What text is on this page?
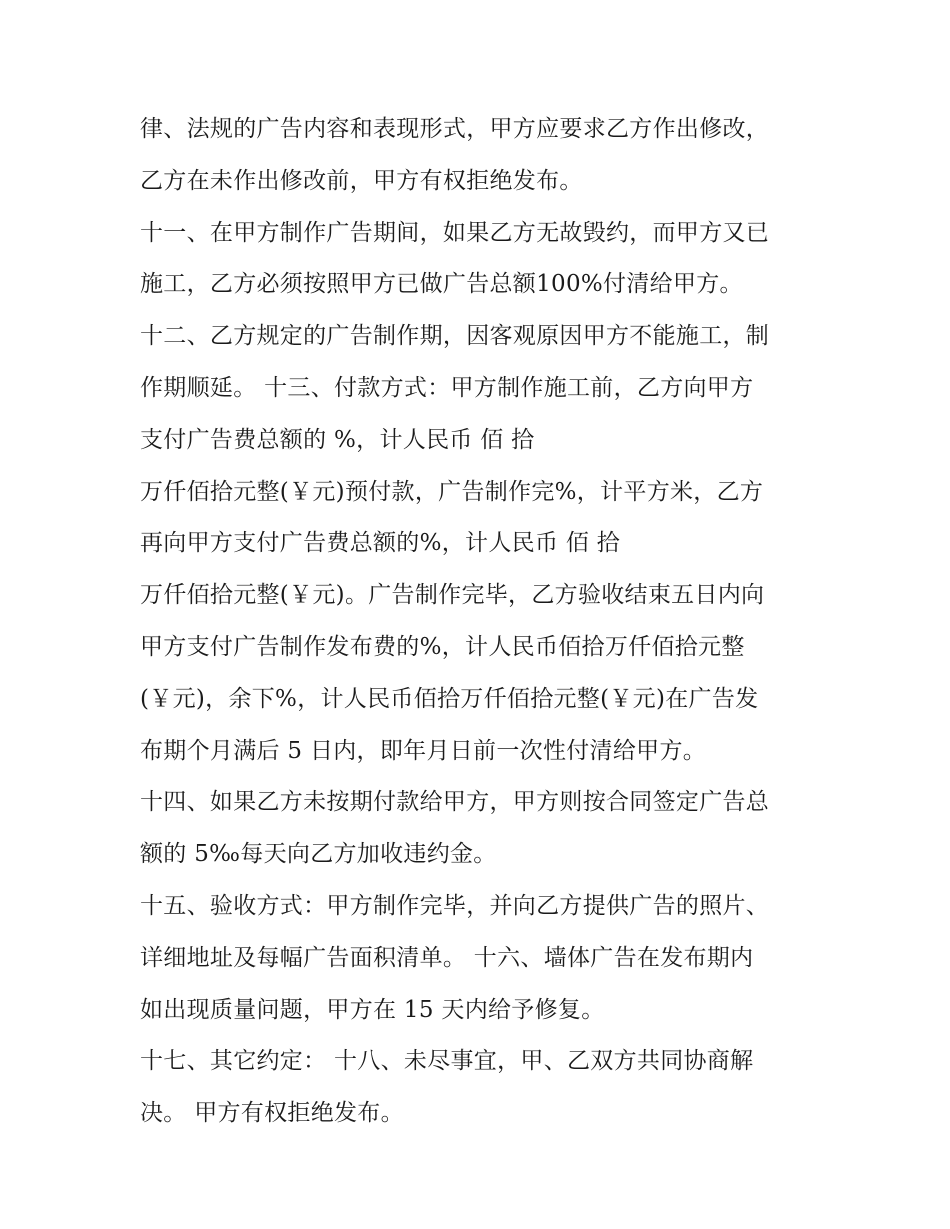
律、法规的广告内容和表现形式，甲方应要求乙方作出修改，
乙方在未作出修改前，甲方有权拒绝发布。
十一、在甲方制作广告期间，如果乙方无故毁约，而甲方又已
施工，乙方必须按照甲方已做广告总额100%付清给甲方。
十二、乙方规定的广告制作期，因客观原因甲方不能施工，制
作期顺延。 十三、付款方式：甲方制作施工前，乙方向甲方
支付广告费总额的 %，计人民币 佰 拾
万仟佰拾元整(￥元)预付款，广告制作完%，计平方米，乙方
再向甲方支付广告费总额的%，计人民币 佰 拾
万仟佰拾元整(￥元)。广告制作完毕，乙方验收结束五日内向
甲方支付广告制作发布费的%，计人民币佰拾万仟佰拾元整
(￥元)，余下%，计人民币佰拾万仟佰拾元整(￥元)在广告发
布期个月满后 5 日内，即年月日前一次性付清给甲方。
十四、如果乙方未按期付款给甲方，甲方则按合同签定广告总
额的 5‰每天向乙方加收违约金。
十五、验收方式：甲方制作完毕，并向乙方提供广告的照片、
详细地址及每幅广告面积清单。 十六、墙体广告在发布期内
如出现质量问题，甲方在 15 天内给予修复。
十七、其它约定： 十八、未尽事宜，甲、乙双方共同协商解
决。 甲方有权拒绝发布。
